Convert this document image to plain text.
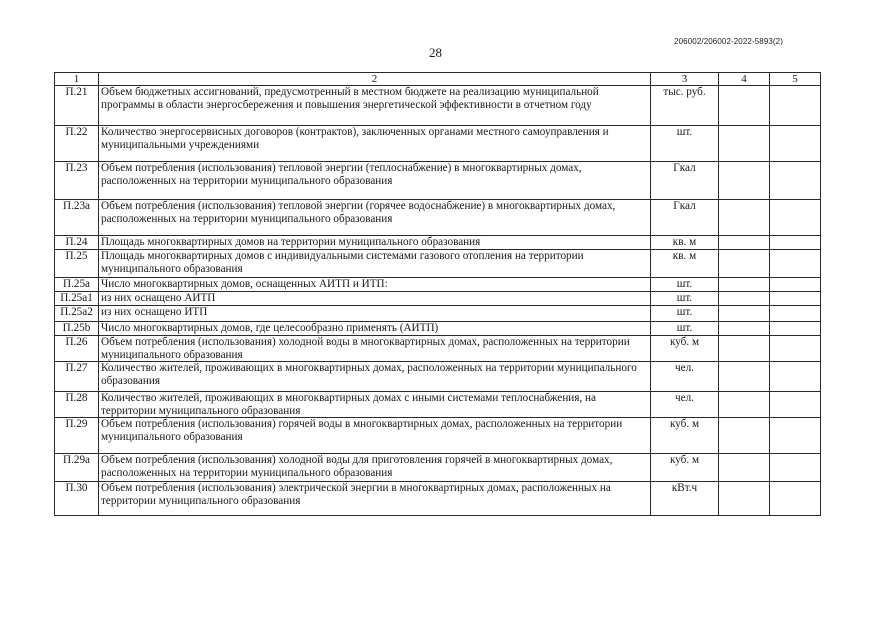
206002/206002-2022-5893(2)
28
1	2	3	4	5
П.21	Объем бюджетных ассигнований, предусмотренный в местном бюджете на реализацию муниципальной программы в области энергосбережения и повышения энергетической эффективности в отчетном году	тыс. руб.		
П.22	Количество энергосервисных договоров (контрактов), заключенных органами местного самоуправления и муниципальными учреждениями	шт.		
П.23	Объем потребления (использования) тепловой энергии (теплоснабжение) в многоквартирных домах, расположенных на территории муниципального образования	Гкал		
П.23а	Объем потребления (использования) тепловой энергии (горячее водоснабжение) в многоквартирных домах, расположенных на территории муниципального образования	Гкал		
П.24	Площадь многоквартирных домов на территории муниципального образования	кв. м		
П.25	Площадь многоквартирных домов с индивидуальными системами газового отопления на территории муниципального образования	кв. м		
П.25а	Число многоквартирных домов, оснащенных АИТП и ИТП:	шт.		
П.25а1	из них оснащено АИТП	шт.		
П.25а2	из них оснащено ИТП	шт.		
П.25b	Число многоквартирных домов, где целесообразно применять (АИТП)	шт.		
П.26	Объем потребления (использования) холодной воды в многоквартирных домах, расположенных на территории муниципального образования	куб. м		
П.27	Количество жителей, проживающих в многоквартирных домах, расположенных на территории муниципального образования	чел.		
П.28	Количество жителей, проживающих в многоквартирных домах с иными системами теплоснабжения, на территории муниципального образования	чел.		
П.29	Объем потребления (использования) горячей воды в многоквартирных домах, расположенных на территории муниципального образования	куб. м		
П.29а	Объем потребления (использования) холодной воды для приготовления горячей в многоквартирных домах, расположенных на территории муниципального образования	куб. м		
П.30	Объем потребления (использования) электрической энергии в многоквартирных домах, расположенных на территории муниципального образования	кВт.ч		
